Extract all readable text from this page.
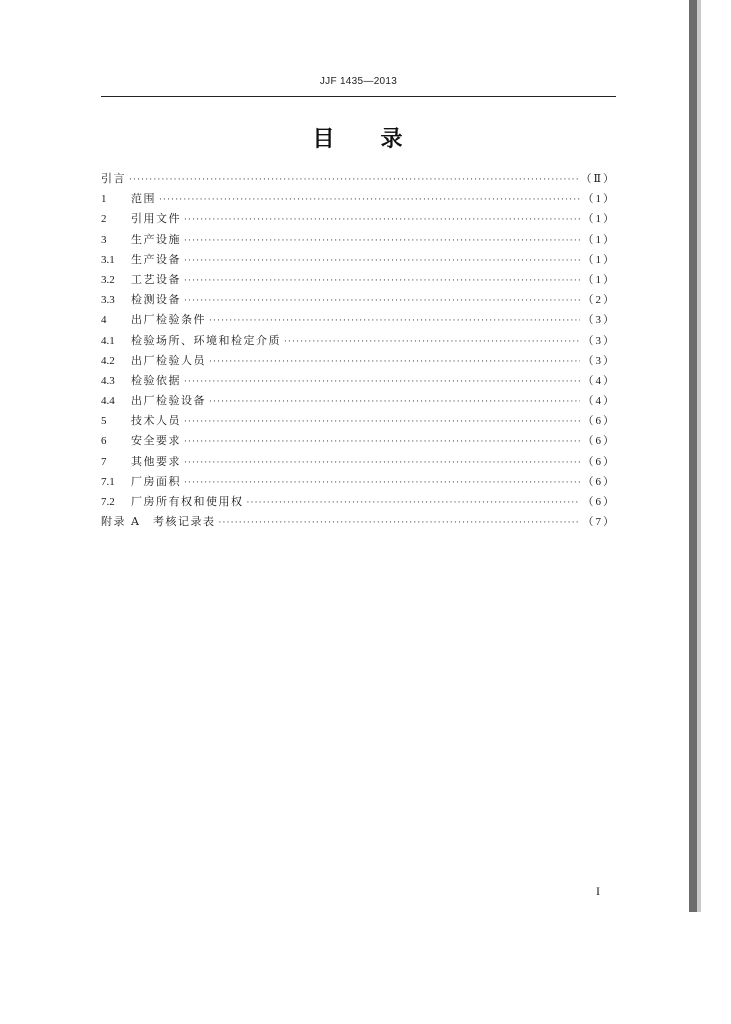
JJF 1435—2013
目 录
引言 ·····	（Ⅱ）
1	范围 ·····	（1）
2	引用文件 ·····	（1）
3	生产设施 ·····	（1）
3.1	生产设备 ·····	（1）
3.2	工艺设备 ·····	（1）
3.3	检测设备 ·····	（2）
4	出厂检验条件 ·····	（3）
4.1	检验场所、环境和检定介质 ·····	（3）
4.2	出厂检验人员 ·····	（3）
4.3	检验依据 ·····	（4）
4.4	出厂检验设备 ·····	（4）
5	技术人员 ·····	（6）
6	安全要求 ·····	（6）
7	其他要求 ·····	（6）
7.1	厂房面积 ·····	（6）
7.2	厂房所有权和使用权 ·····	（6）
附录 A　考核记录表 ·····	（7）
I
